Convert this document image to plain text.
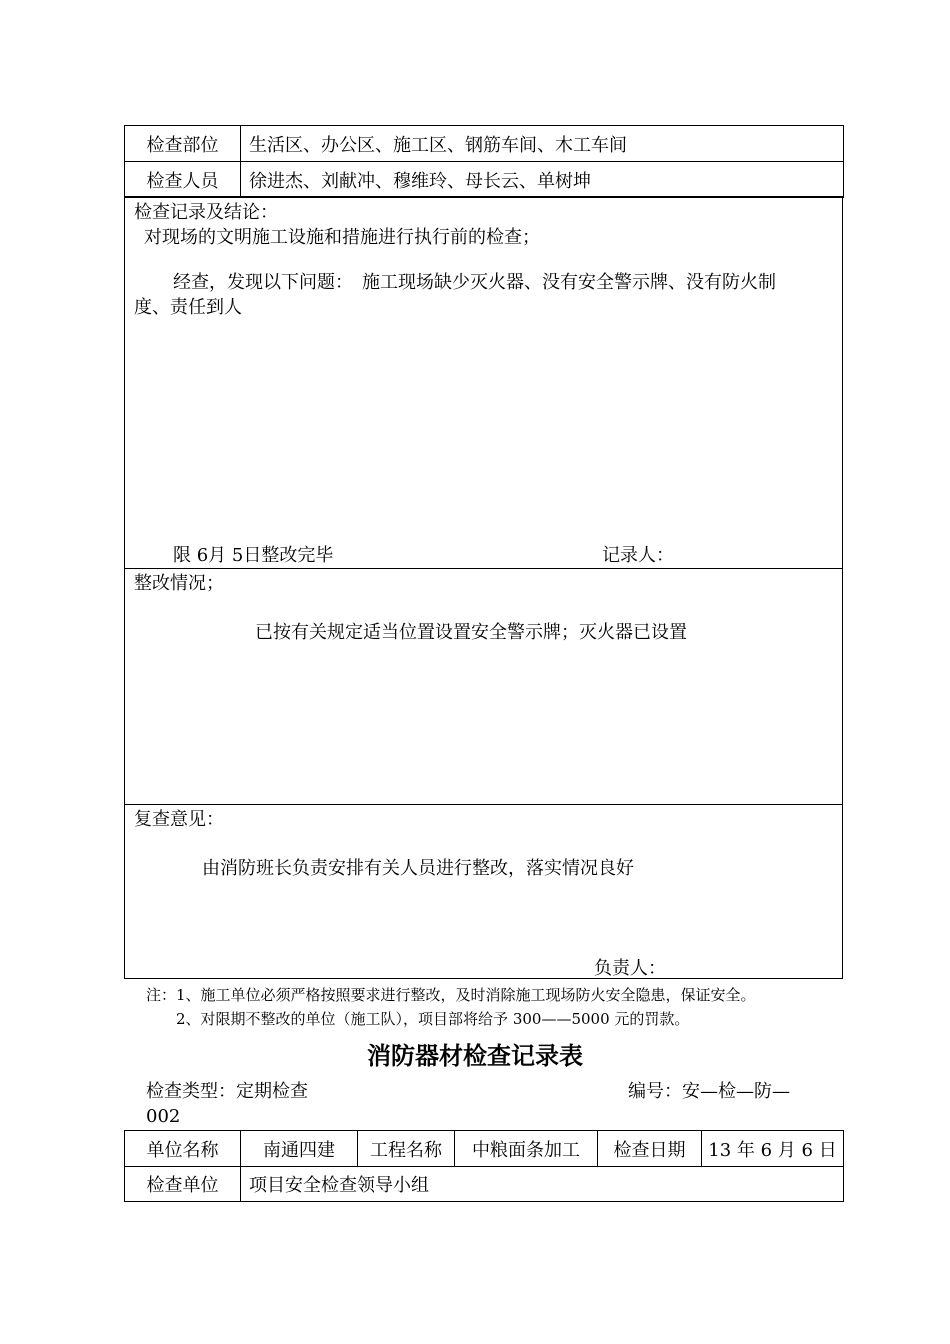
检查部位	生活区、办公区、施工区、钢筋车间、木工车间
检查人员	徐进杰、刘献冲、穆维玲、母长云、单树坤
检查记录及结论：
对现场的文明施工设施和措施进行执行前的检查；
经查，发现以下问题：　施工现场缺少灭火器、没有安全警示牌、没有防火制
度、责任到人
限 6月 5日整改完毕	记录人：
整改情况；
已按有关规定适当位置设置安全警示牌；灭火器已设置
复查意见：
由消防班长负责安排有关人员进行整改，落实情况良好
负责人：
注：1、施工单位必须严格按照要求进行整改，及时消除施工现场防火安全隐患，保证安全。
2、对限期不整改的单位（施工队），项目部将给予 300——5000 元的罚款。
消防器材检查记录表
检查类型：定期检查	编号：安—检—防—
002
单位名称	南通四建	工程名称	中粮面条加工	检查日期	13 年 6 月 6 日
检查单位	项目安全检查领导小组				
